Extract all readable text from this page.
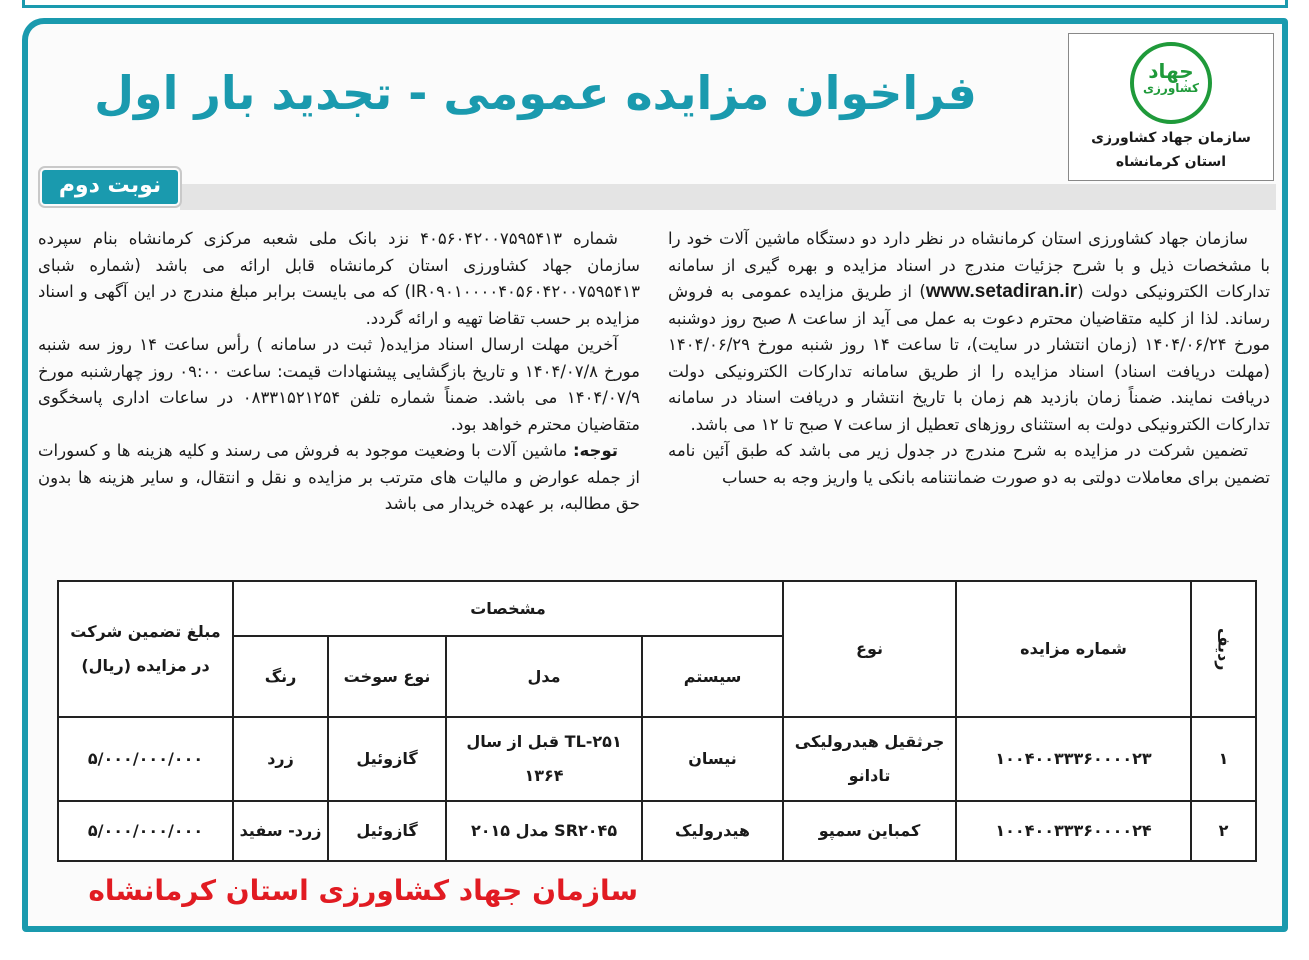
فراخوان مزایده عمومی - تجدید بار اول	جهاد
کشاورزی
سازمان جهاد کشاورزی
استان کرمانشاه
نوبت دوم

سازمان جهاد کشاورزی استان کرمانشاه در نظر دارد دو دستگاه ماشین آلات خود را با مشخصات ذیل و با شرح جزئیات مندرج در اسناد مزایده و بهره گیری از سامانه تدارکات الکترونیکی دولت (www.setadiran.ir) از طریق مزایده عمومی به فروش رساند. لذا از کلیه متقاضیان محترم دعوت به عمل می آید از ساعت ۸ صبح روز دوشنبه مورخ ۱۴۰۴/۰۶/۲۴ (زمان انتشار در سایت)، تا ساعت ۱۴ روز شنبه مورخ ۱۴۰۴/۰۶/۲۹ (مهلت دریافت اسناد) اسناد مزایده را از طریق سامانه تدارکات الکترونیکی دولت دریافت نمایند. ضمناً زمان بازدید هم زمان با تاریخ انتشار و دریافت اسناد در سامانه تدارکات الکترونیکی دولت به استثنای روزهای تعطیل از ساعت ۷ صبح تا ۱۲ می باشد.

تضمین شرکت در مزایده به شرح مندرج در جدول زیر می باشد که طبق آئین نامه تضمین برای معاملات دولتی به دو صورت ضمانتنامه بانکی یا واریز وجه به حساب

شماره ۴۰۵۶۰۴۲۰۰۷۵۹۵۴۱۳ نزد بانک ملی شعبه مرکزی کرمانشاه بنام سپرده سازمان جهاد کشاورزی استان کرمانشاه قابل ارائه می باشد (شماره شبای IR۰۹۰۱۰۰۰۰۴۰۵۶۰۴۲۰۰۷۵۹۵۴۱۳) که می بایست برابر مبلغ مندرج در این آگهی و اسناد مزایده بر حسب تقاضا تهیه و ارائه گردد.

آخرین مهلت ارسال اسناد مزایده( ثبت در سامانه ) رأس ساعت ۱۴ روز سه شنبه مورخ ۱۴۰۴/۰۷/۸ و تاریخ بازگشایی پیشنهادات قیمت: ساعت ۰۹:۰۰ روز چهارشنبه مورخ ۱۴۰۴/۰۷/۹ می باشد. ضمناً شماره تلفن ۰۸۳۳۱۵۲۱۲۵۴ در ساعات اداری پاسخگوی متقاضیان محترم خواهد بود.

توجه: ماشین آلات با وضعیت موجود به فروش می رسند و کلیه هزینه ها و کسورات از جمله عوارض و مالیات های مترتب بر مزایده و نقل و انتقال، و سایر هزینه ها بدون حق مطالبه، بر عهده خریدار می باشد

ردیف	شماره مزایده	نوع	مشخصات				مبلغ تضمین شرکت در مزایده (ریال)
			سیستم	مدل	نوع سوخت	رنگ	
۱	۱۰۰۴۰۰۳۳۳۶۰۰۰۰۲۳	جرثقیل هیدرولیکی تادانو	نیسان	TL-۲۵۱ قبل از سال ۱۳۶۴	گازوئیل	زرد	۵/۰۰۰/۰۰۰/۰۰۰
۲	۱۰۰۴۰۰۳۳۳۶۰۰۰۰۲۴	کمباین سمپو	هیدرولیک	SR۲۰۴۵ مدل ۲۰۱۵	گازوئیل	زرد- سفید	۵/۰۰۰/۰۰۰/۰۰۰
سازمان جهاد کشاورزی استان کرمانشاه
